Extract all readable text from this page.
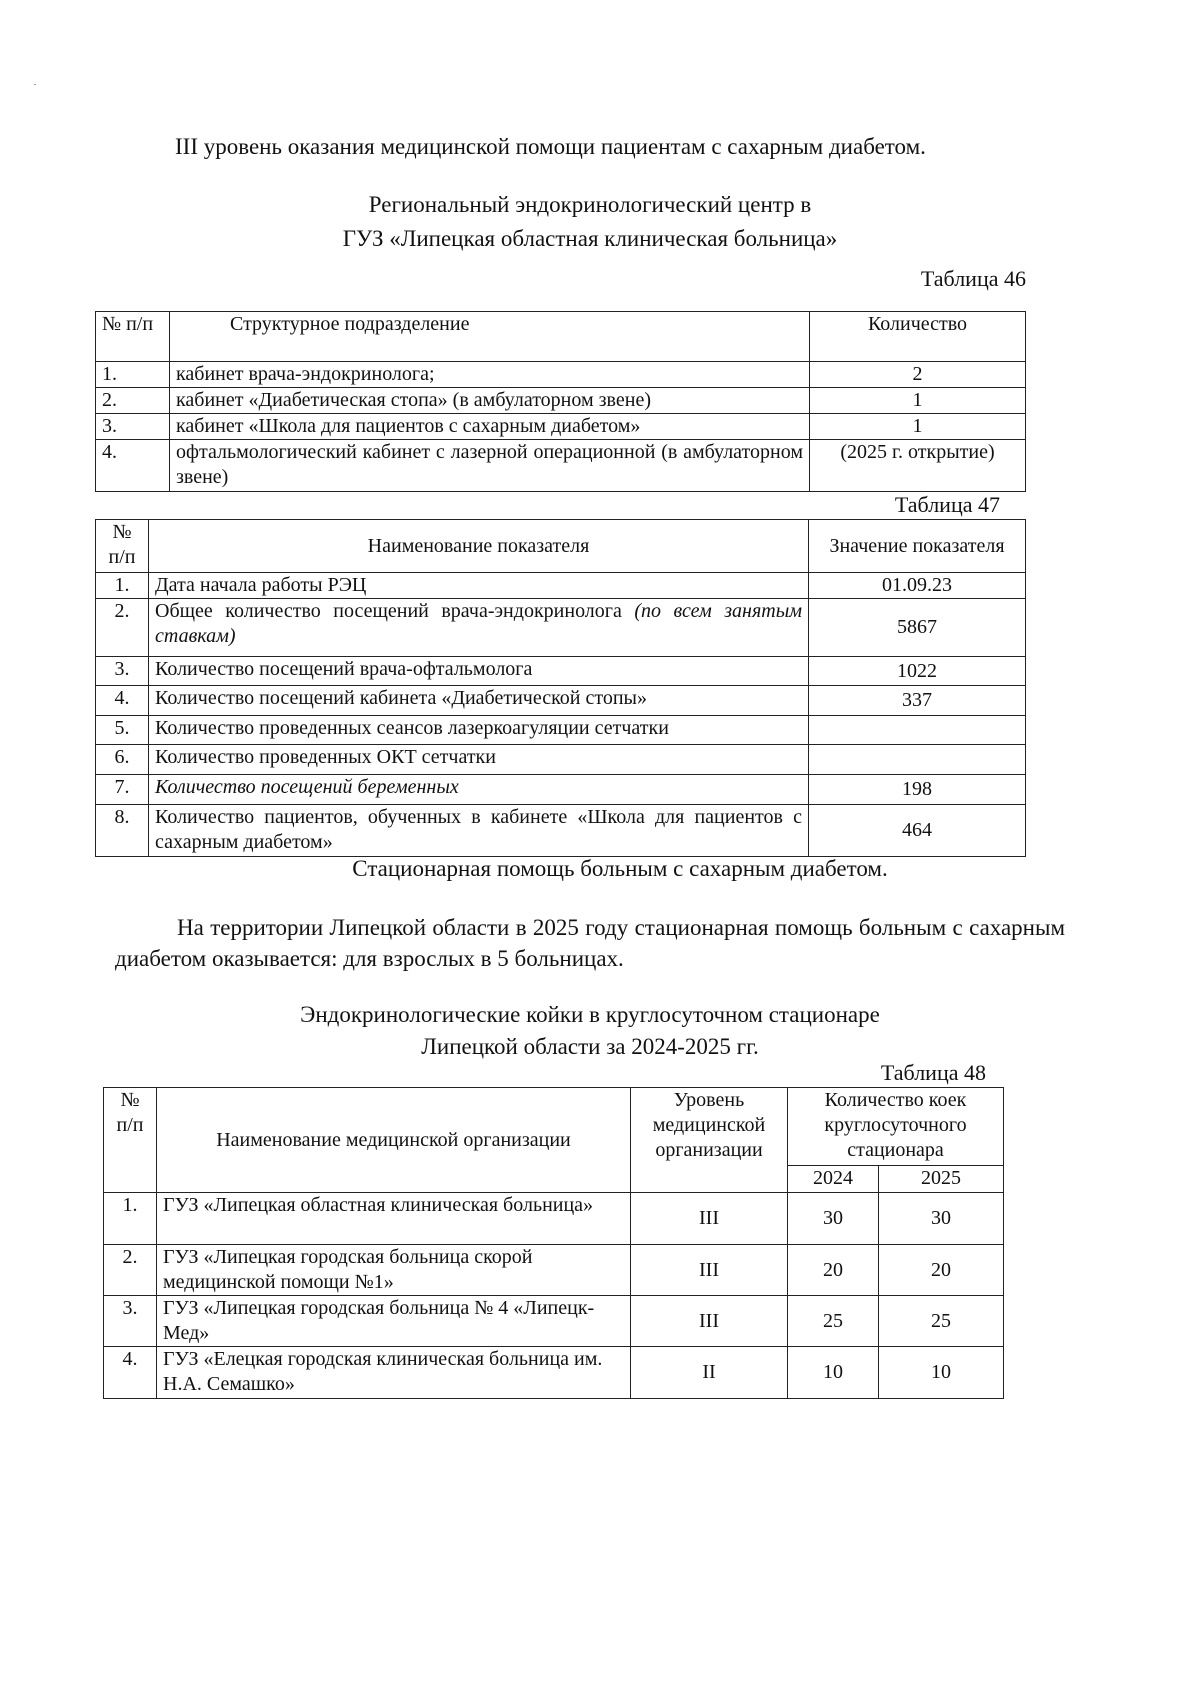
III уровень оказания медицинской помощи пациентам с сахарным диабетом.

Региональный эндокринологический центр в

ГУЗ «Липецкая областная клиническая больница»

Таблица 46

№ п/п	Структурное подразделение	Количество
1.	кабинет врача-эндокринолога;	2
2.	кабинет «Диабетическая стопа» (в амбулаторном звене)	1
3.	кабинет «Школа для пациентов с сахарным диабетом»	1
4.	офтальмологический кабинет с лазерной операционной (в амбулаторном звене)	(2025 г. открытие)

Таблица 47

№ п/п	Наименование показателя	Значение показателя
1.	Дата начала работы РЭЦ	01.09.23
2.	Общее количество посещений врача-эндокринолога (по всем занятым ставкам)	5867
3.	Количество посещений врача-офтальмолога	1022
4.	Количество посещений кабинета «Диабетической стопы»	337
5.	Количество проведенных сеансов лазеркоагуляции сетчатки	
6.	Количество проведенных ОКТ сетчатки	
7.	Количество посещений беременных	198
8.	Количество пациентов, обученных в кабинете «Школа для пациентов с сахарным диабетом»	464

Стационарная помощь больным с сахарным диабетом.

На территории Липецкой области в 2025 году стационарная помощь больным с сахарным диабетом оказывается: для взрослых в 5 больницах.

Эндокринологические койки в круглосуточном стационаре

Липецкой области за 2024-2025 гг.

Таблица 48

№ п/п	Наименование медицинской организации	Уровень медицинской организации	Количество коек круглосуточного стационара	
			2024	2025
1.	ГУЗ «Липецкая областная клиническая больница»	III	30	30
2.	ГУЗ «Липецкая городская больница скорой медицинской помощи №1»	III	20	20
3.	ГУЗ «Липецкая городская больница № 4 «Липецк-Мед»	III	25	25
4.	ГУЗ «Елецкая городская клиническая больница им. Н.А. Семашко»	II	10	10
